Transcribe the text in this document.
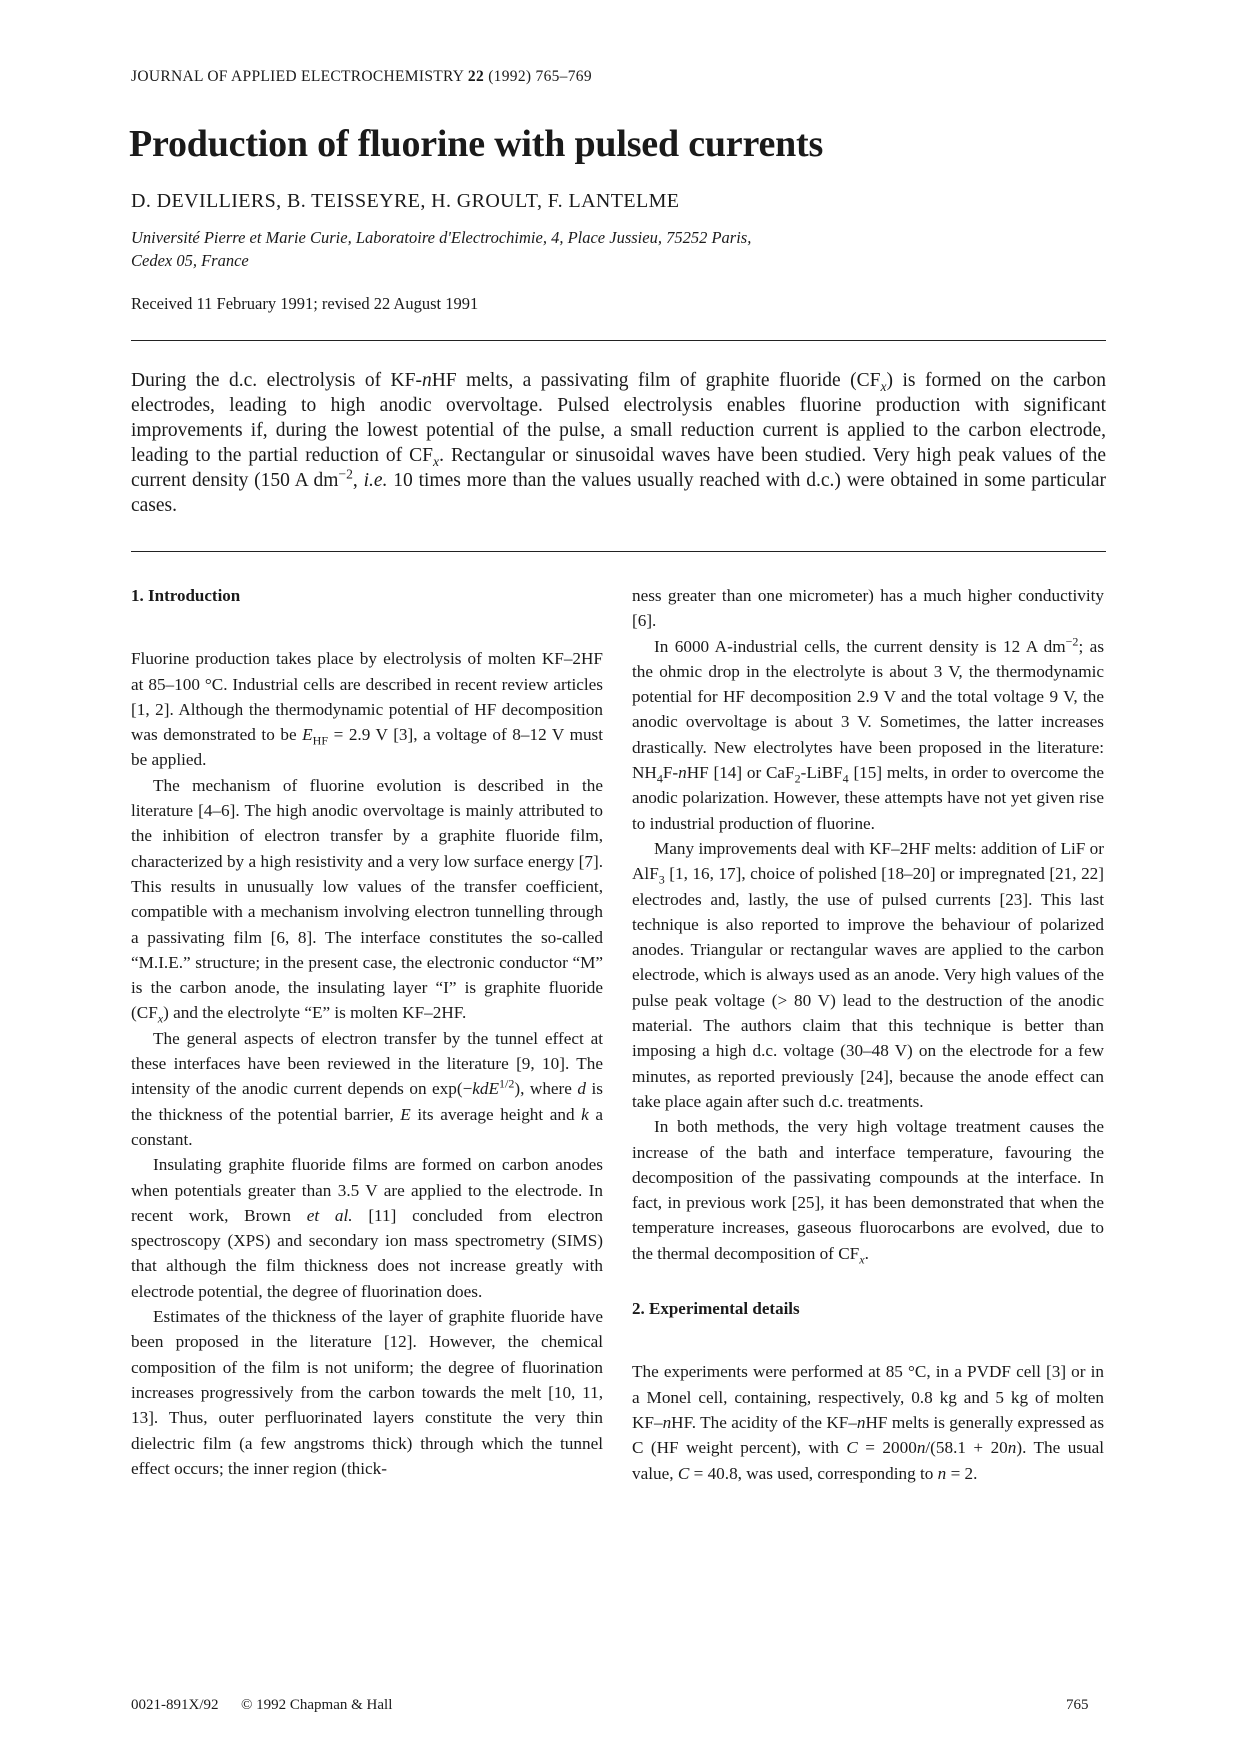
JOURNAL OF APPLIED ELECTROCHEMISTRY 22 (1992) 765–769
Production of fluorine with pulsed currents
D. DEVILLIERS, B. TEISSEYRE, H. GROULT, F. LANTELME
Université Pierre et Marie Curie, Laboratoire d'Electrochimie, 4, Place Jussieu, 75252 Paris,
Cedex 05, France
Received 11 February 1991; revised 22 August 1991

During the d.c. electrolysis of KF-nHF melts, a passivating film of graphite fluoride $(CF_x)$ is formed on the carbon electrodes, leading to high anodic overvoltage. Pulsed electrolysis enables fluorine production with significant improvements if, during the lowest potential of the pulse, a small reduction current is applied to the carbon electrode, leading to the partial reduction of $CF_x$. Rectangular or sinusoidal waves have been studied. Very high peak values of the current density (150 A $dm^{-2}$, i.e. 10 times more than the values usually reached with d.c.) were obtained in some particular cases.

1. Introduction

Fluorine production takes place by electrolysis of molten KF–2HF at 85–100 °C. Industrial cells are described in recent review articles [1, 2]. Although the thermodynamic potential of HF decomposition was demonstrated to be $E_{HF} = 2.9$ V [3], a voltage of 8–12 V must be applied.

The mechanism of fluorine evolution is described in the literature [4–6]. The high anodic overvoltage is mainly attributed to the inhibition of electron transfer by a graphite fluoride film, characterized by a high resistivity and a very low surface energy [7]. This results in unusually low values of the transfer coefficient, compatible with a mechanism involving electron tunnelling through a passivating film [6, 8]. The interface constitutes the so-called “M.I.E.” structure; in the present case, the electronic conductor “M” is the carbon anode, the insulating layer “I” is graphite fluoride $(CF_x)$ and the electrolyte “E” is molten KF–2HF.

The general aspects of electron transfer by the tunnel effect at these interfaces have been reviewed in the literature [9, 10]. The intensity of the anodic current depends on exp(−kdE$^{1/2}$), where d is the thickness of the potential barrier, E its average height and k a constant.

Insulating graphite fluoride films are formed on carbon anodes when potentials greater than 3.5 V are applied to the electrode. In recent work, Brown et al. [11] concluded from electron spectroscopy (XPS) and secondary ion mass spectrometry (SIMS) that although the film thickness does not increase greatly with electrode potential, the degree of fluorination does.

Estimates of the thickness of the layer of graphite fluoride have been proposed in the literature [12]. However, the chemical composition of the film is not uniform; the degree of fluorination increases progressively from the carbon towards the melt [10, 11, 13]. Thus, outer perfluorinated layers constitute the very thin dielectric film (a few angstroms thick) through which the tunnel effect occurs; the inner region (thick-

ness greater than one micrometer) has a much higher conductivity [6].

In 6000 A-industrial cells, the current density is 12 A $dm^{-2}$; as the ohmic drop in the electrolyte is about 3 V, the thermodynamic potential for HF decomposition 2.9 V and the total voltage 9 V, the anodic overvoltage is about 3 V. Sometimes, the latter increases drastically. New electrolytes have been proposed in the literature: $NH_4F$-nHF [14] or CaF$_2$-LiBF$_4$ [15] melts, in order to overcome the anodic polarization. However, these attempts have not yet given rise to industrial production of fluorine.

Many improvements deal with KF–2HF melts: addition of LiF or AlF$_3$ [1, 16, 17], choice of polished [18–20] or impregnated [21, 22] electrodes and, lastly, the use of pulsed currents [23]. This last technique is also reported to improve the behaviour of polarized anodes. Triangular or rectangular waves are applied to the carbon electrode, which is always used as an anode. Very high values of the pulse peak voltage (> 80 V) lead to the destruction of the anodic material. The authors claim that this technique is better than imposing a high d.c. voltage (30–48 V) on the electrode for a few minutes, as reported previously [24], because the anode effect can take place again after such d.c. treatments.

In both methods, the very high voltage treatment causes the increase of the bath and interface temperature, favouring the decomposition of the passivating compounds at the interface. In fact, in previous work [25], it has been demonstrated that when the temperature increases, gaseous fluorocarbons are evolved, due to the thermal decomposition of $CF_x$.

2. Experimental details

The experiments were performed at 85 °C, in a PVDF cell [3] or in a Monel cell, containing, respectively, 0.8 kg and 5 kg of molten KF–nHF. The acidity of the KF–nHF melts is generally expressed as C (HF weight percent), with C = 2000n/(58.1 + 20n). The usual value, C = 40.8, was used, corresponding to n = 2.

0021-891X/92 © 1992 Chapman & Hall	765
